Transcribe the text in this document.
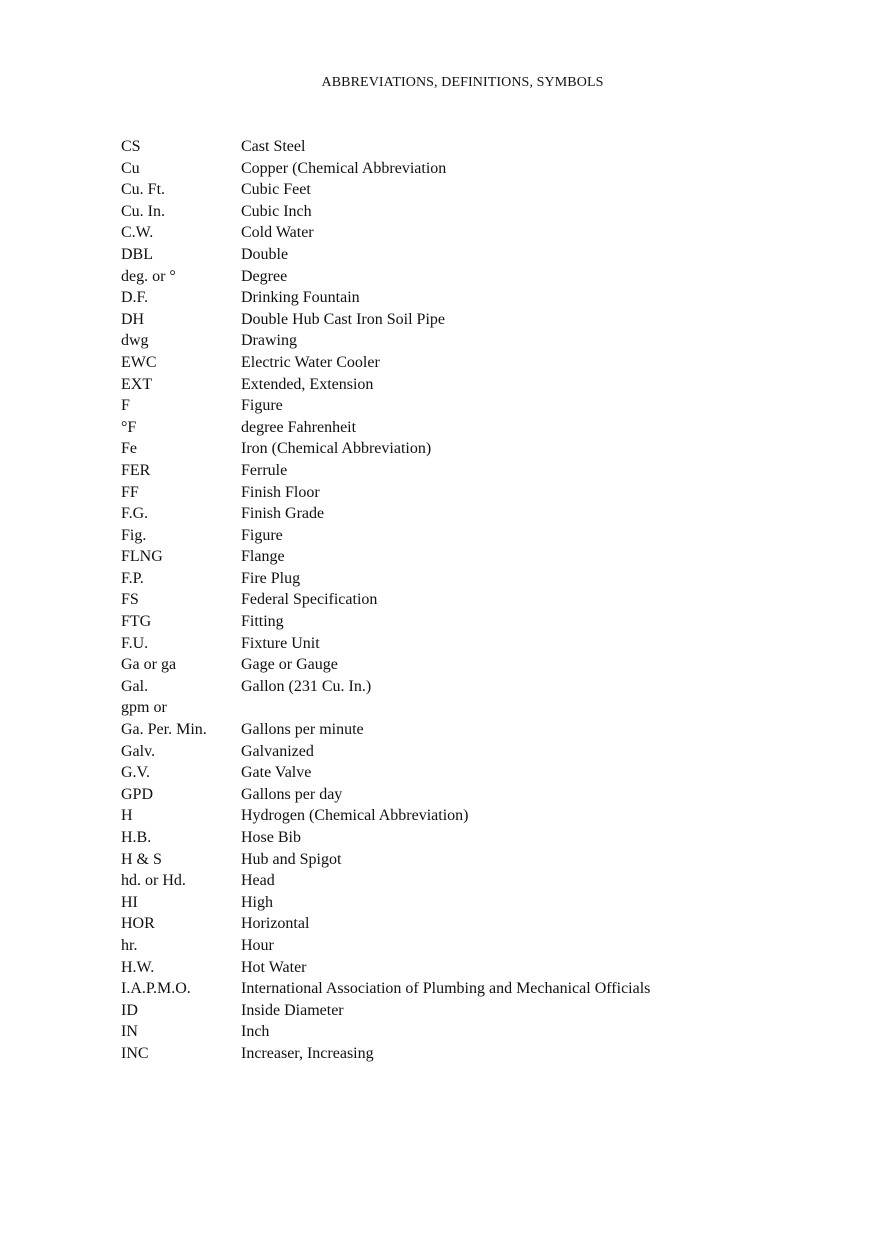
ABBREVIATIONS, DEFINITIONS, SYMBOLS
CS	Cast Steel
Cu	Copper (Chemical Abbreviation
Cu. Ft.	Cubic Feet
Cu. In.	Cubic Inch
C.W.	Cold Water
DBL	Double
deg. or °	Degree
D.F.	Drinking Fountain
DH	Double Hub Cast Iron Soil Pipe
dwg	Drawing
EWC	Electric Water Cooler
EXT	Extended, Extension
F	Figure
°F	degree Fahrenheit
Fe	Iron (Chemical Abbreviation)
FER	Ferrule
FF	Finish Floor
F.G.	Finish Grade
Fig.	Figure
FLNG	Flange
F.P.	Fire Plug
FS	Federal Specification
FTG	Fitting
F.U.	Fixture Unit
Ga or ga	Gage or Gauge
Gal.	Gallon (231 Cu. In.)
gpm or
Ga. Per. Min.	Gallons per minute
Galv.	Galvanized
G.V.	Gate Valve
GPD	Gallons per day
H	Hydrogen (Chemical Abbreviation)
H.B.	Hose Bib
H & S	Hub and Spigot
hd. or Hd.	Head
HI	High
HOR	Horizontal
hr.	Hour
H.W.	Hot Water
I.A.P.M.O.	International Association of Plumbing and Mechanical Officials
ID	Inside Diameter
IN	Inch
INC	Increaser, Increasing
